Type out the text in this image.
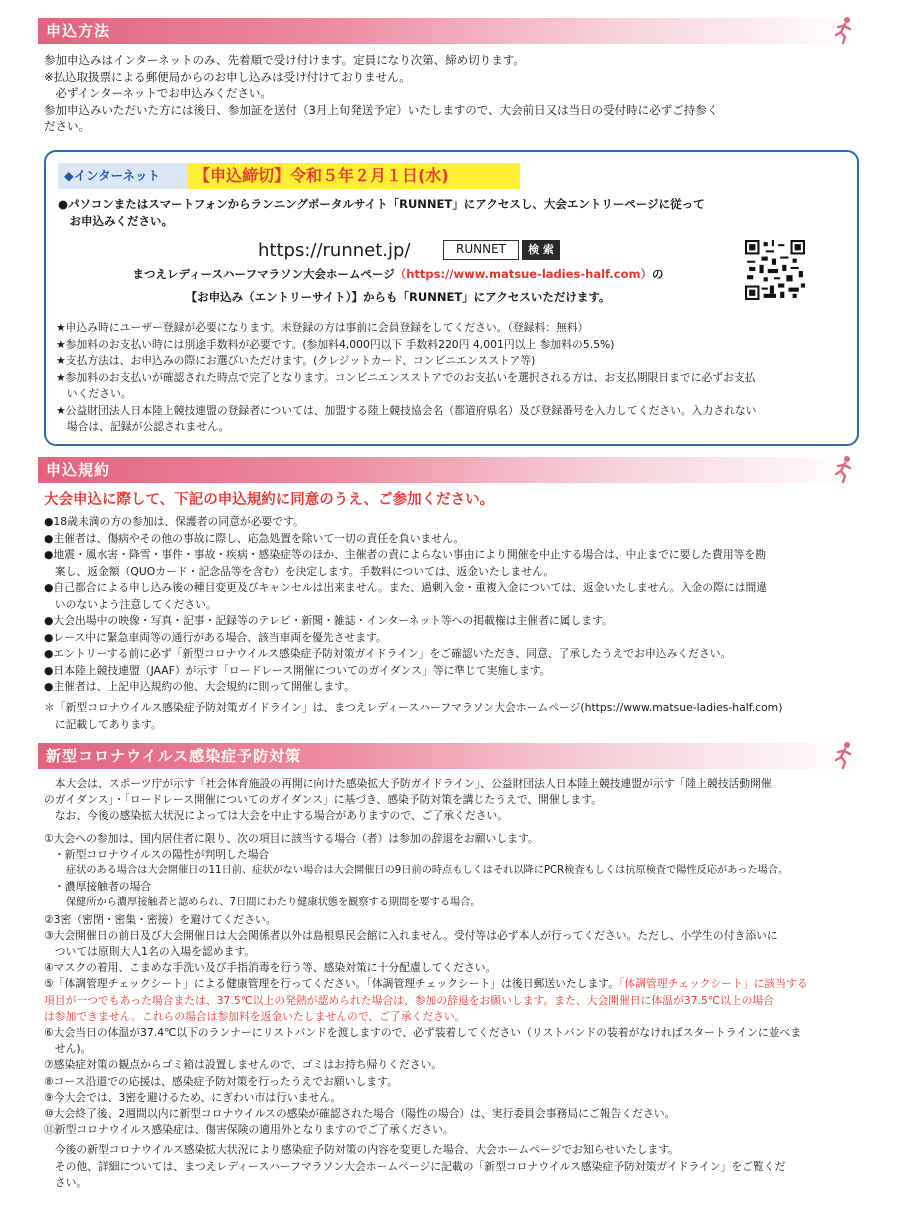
申込方法
参加申込みはインターネットのみ、先着順で受け付けます。定員になり次第、締め切ります。
※払込取扱票による郵便局からのお申し込みは受け付けておりません。
　必ずインターネットでお申込みください。
参加申込みいただいた方には後日、参加証を送付（3月上旬発送予定）いたしますので、大会前日又は当日の受付時に必ずご持参く
ださい。
◆インターネット	【申込締切】令和５年２月１日(水)
●パソコンまたはスマートフォンからランニングポータルサイト「RUNNET」にアクセスし、大会エントリーページに従って
　お申込みください。
https://runnet.jp/	RUNNET	検 索
まつえレディースハーフマラソン大会ホームページ（https://www.matsue-ladies-half.com）の
【お申込み（エントリーサイト）】からも「RUNNET」にアクセスいただけます。
★申込み時にユーザー登録が必要になります。未登録の方は事前に会員登録をしてください。（登録料：無料）
★参加料のお支払い時には別途手数料が必要です。(参加料4,000円以下 手数料220円 4,001円以上 参加料の5.5%)
★支払方法は、お申込みの際にお選びいただけます。(クレジットカード、コンビニエンスストア等)
★参加料のお支払いが確認された時点で完了となります。コンビニエンスストアでのお支払いを選択される方は、お支払期限日までに必ずお支払
　いください。
★公益財団法人日本陸上競技連盟の登録者については、加盟する陸上競技協会名（都道府県名）及び登録番号を入力してください。入力されない
　場合は、記録が公認されません。
申込規約
大会申込に際して、下記の申込規約に同意のうえ、ご参加ください。
●18歳未満の方の参加は、保護者の同意が必要です。
●主催者は、傷病やその他の事故に際し、応急処置を除いて一切の責任を負いません。
●地震・風水害・降雪・事件・事故・疾病・感染症等のほか、主催者の責によらない事由により開催を中止する場合は、中止までに要した費用等を勘
　案し、返金額（QUOカード・記念品等を含む）を決定します。手数料については、返金いたしません。
●自己都合による申し込み後の種目変更及びキャンセルは出来ません。また、過剰入金・重複入金については、返金いたしません。入金の際には間違
　いのないよう注意してください。
●大会出場中の映像・写真・記事・記録等のテレビ・新聞・雑誌・インターネット等への掲載権は主催者に属します。
●レース中に緊急車両等の通行がある場合、該当車両を優先させます。
●エントリーする前に必ず「新型コロナウイルス感染症予防対策ガイドライン」をご確認いただき、同意、了承したうえでお申込みください。
●日本陸上競技連盟（JAAF）が示す「ロードレース開催についてのガイダンス」等に準じて実施します。
●主催者は、上記申込規約の他、大会規約に則って開催します。
＊「新型コロナウイルス感染症予防対策ガイドライン」は、まつえレディースハーフマラソン大会ホームページ(https://www.matsue-ladies-half.com)
　に記載してあります。
新型コロナウイルス感染症予防対策
　本大会は、スポーツ庁が示す「社会体育施設の再開に向けた感染拡大予防ガイドライン」、公益財団法人日本陸上競技連盟が示す「陸上競技活動開催
のガイダンス」・「ロードレース開催についてのガイダンス」に基づき、感染予防対策を講じたうえで、開催します。
　なお、今後の感染拡大状況によっては大会を中止する場合がありますので、ご了承ください。
①大会への参加は、国内居住者に限り、次の項目に該当する場合（者）は参加の辞退をお願いします。
・新型コロナウイルスの陽性が判明した場合
症状のある場合は大会開催日の11日前、症状がない場合は大会開催日の9日前の時点もしくはそれ以降にPCR検査もしくは抗原検査で陽性反応があった場合。
・濃厚接触者の場合
保健所から濃厚接触者と認められ、7日間にわたり健康状態を観察する期間を要する場合。
②3密（密閉・密集・密接）を避けてください。
③大会開催日の前日及び大会開催日は大会関係者以外は島根県民会館に入れません。受付等は必ず本人が行ってください。ただし、小学生の付き添いに
　ついては原則大人1名の入場を認めます。
④マスクの着用、こまめな手洗い及び手指消毒を行う等、感染対策に十分配慮してください。
⑤「体調管理チェックシート」による健康管理を行ってください。「体調管理チェックシート」は後日郵送いたします。「体調管理チェックシート」に該当する
項目が一つでもあった場合または、37.5℃以上の発熱が認められた場合は、参加の辞退をお願いします。また、大会開催日に体温が37.5℃以上の場合
は参加できません。これらの場合は参加料を返金いたしませんので、ご了承ください。
⑥大会当日の体温が37.4℃以下のランナーにリストバンドを渡しますので、必ず装着してください（リストバンドの装着がなければスタートラインに並べま
　せん)。
⑦感染症対策の観点からゴミ箱は設置しませんので、ゴミはお持ち帰りください。
⑧コース沿道での応援は、感染症予防対策を行ったうえでお願いします。
⑨今大会では、3密を避けるため、にぎわい市は行いません。
⑩大会終了後、2週間以内に新型コロナウイルスの感染が確認された場合（陽性の場合）は、実行委員会事務局にご報告ください。
⑪新型コロナウイルス感染症は、傷害保険の適用外となりますのでご了承ください。
　今後の新型コロナウイルス感染拡大状況により感染症予防対策の内容を変更した場合、大会ホームページでお知らせいたします。
　その他、詳細については、まつえレディースハーフマラソン大会ホームページに記載の「新型コロナウイルス感染症予防対策ガイドライン」をご覧くだ
　さい。
